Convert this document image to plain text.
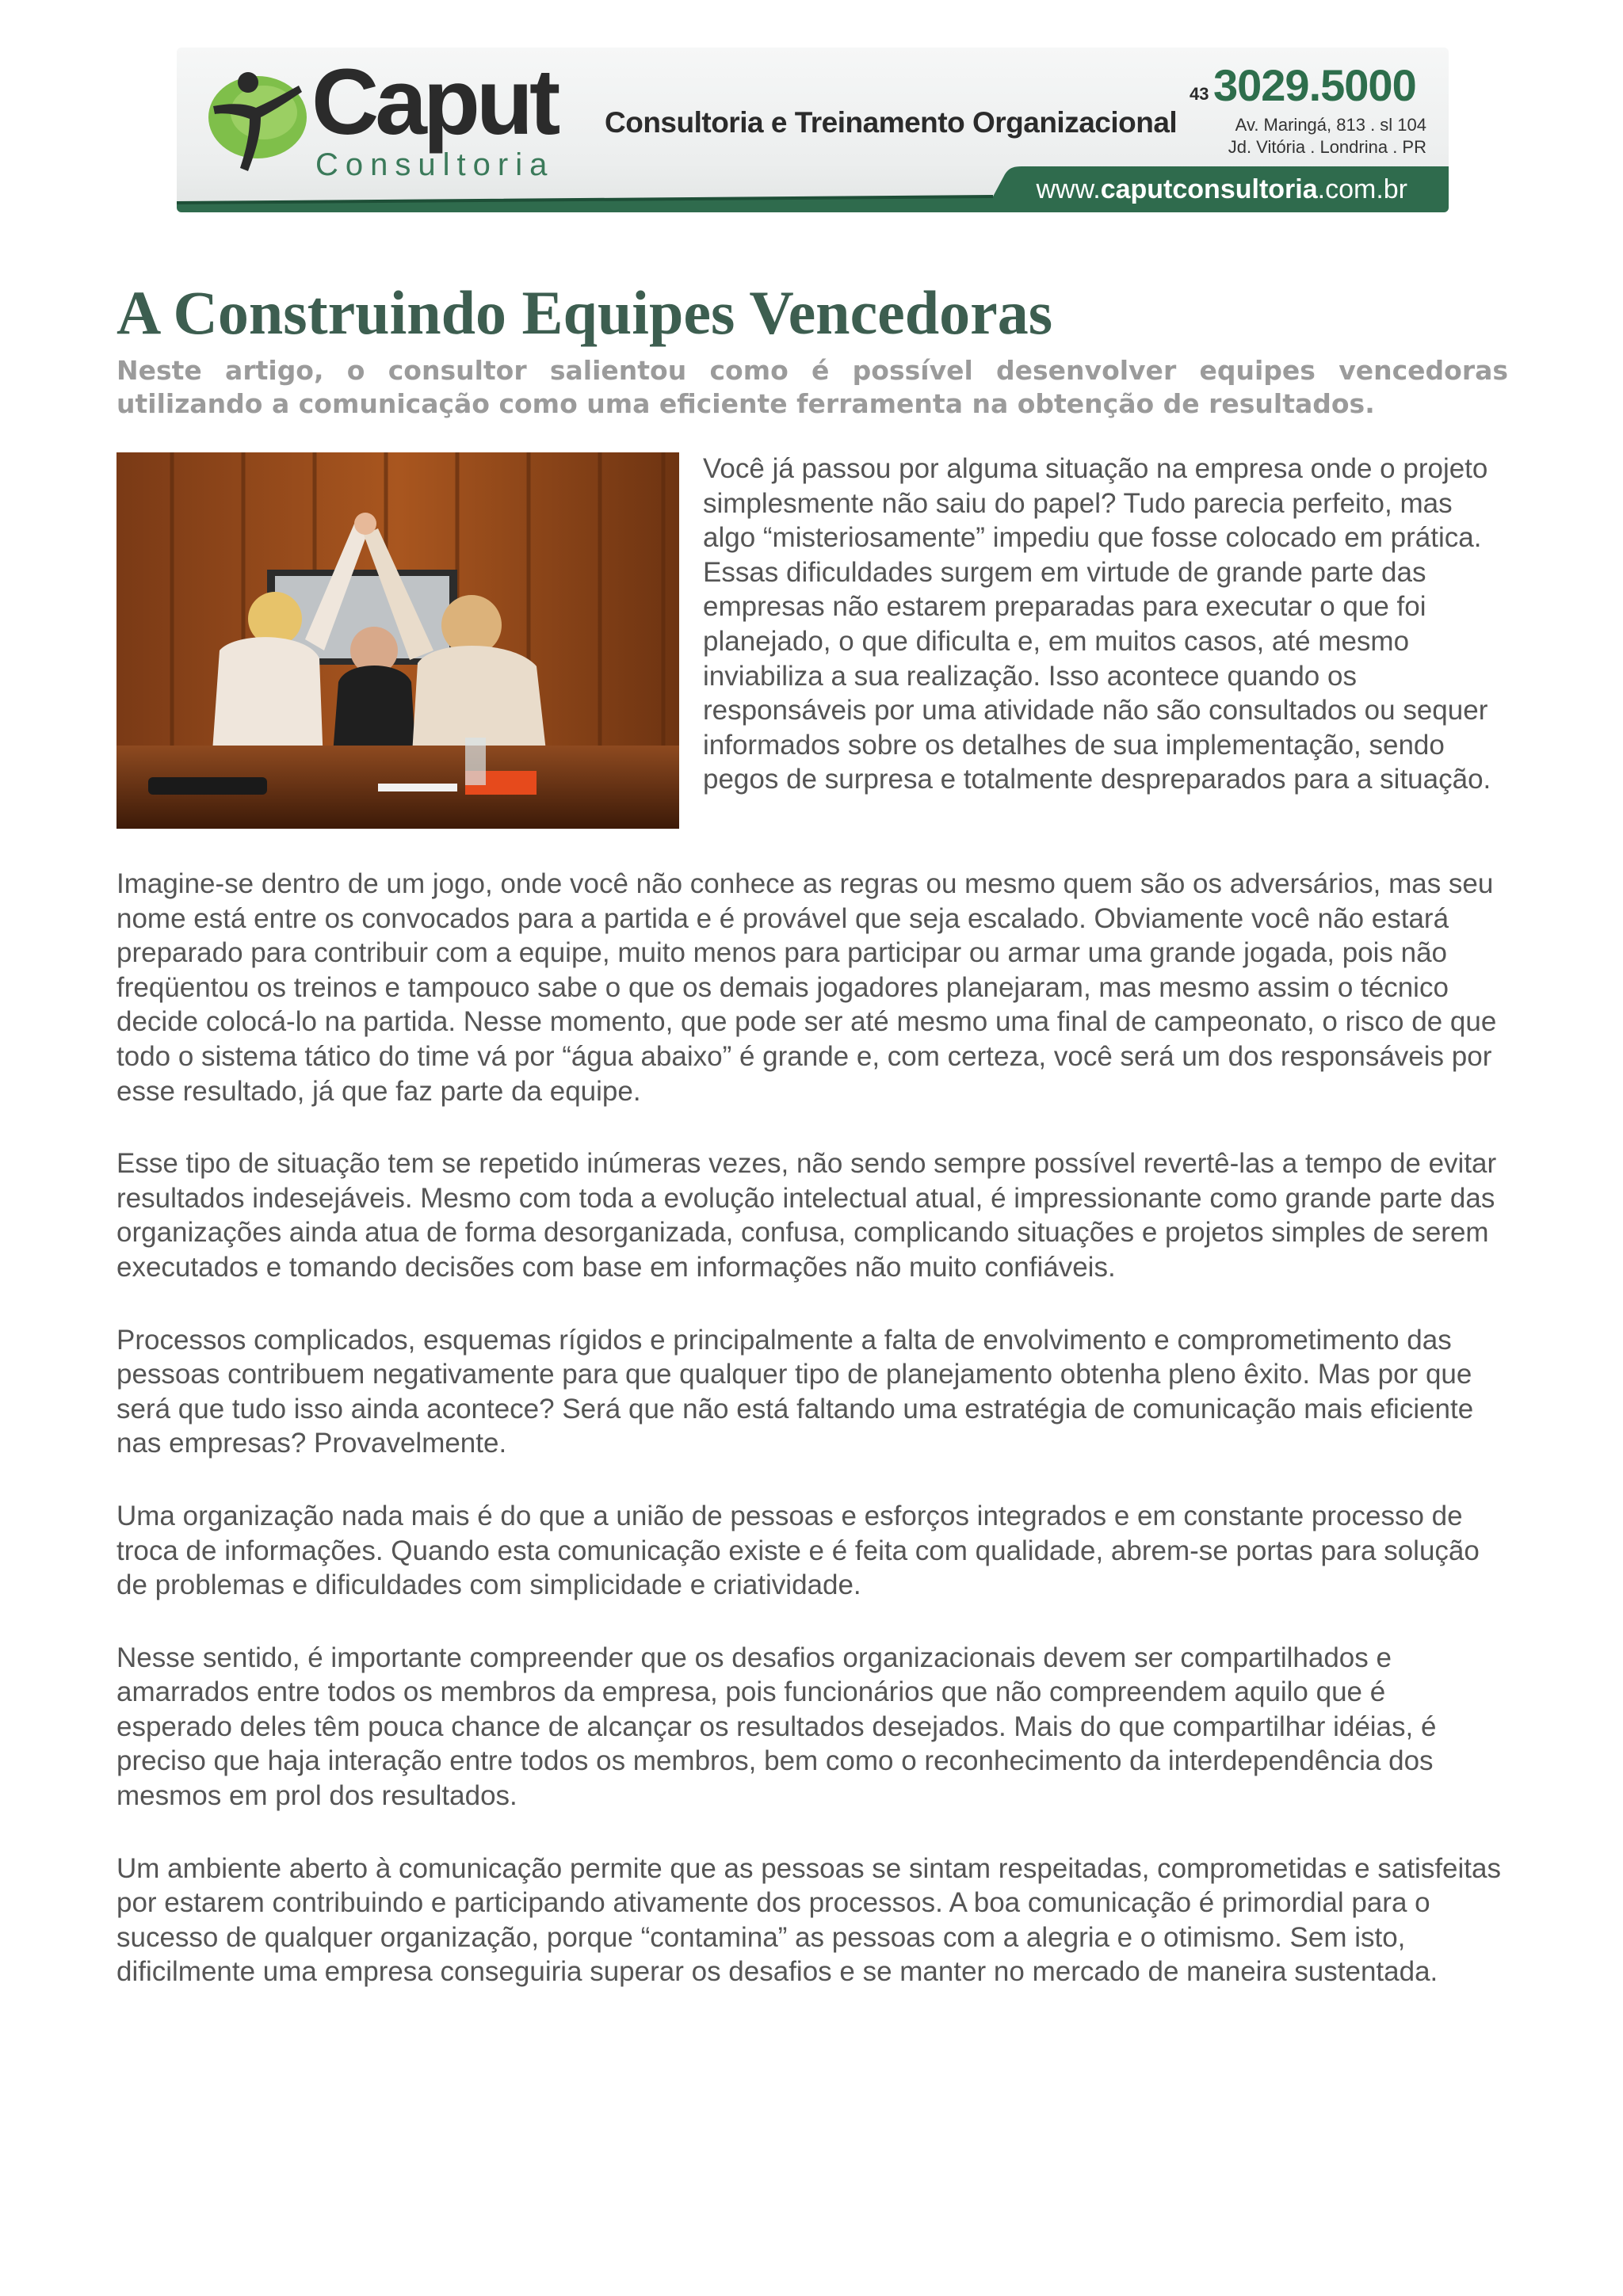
Caput
Consultoria
Consultoria e Treinamento Organizacional
43 3029.5000
Av. Maringá, 813 . sl 104
Jd. Vitória . Londrina . PR
www.caputconsultoria.com.br
A Construindo Equipes Vencedoras

Neste artigo, o consultor salientou como é possível desenvolver equipes vencedoras utilizando a comunicação como uma eficiente ferramenta na obtenção de resultados.

Você já passou por alguma situação na empresa onde o projeto simplesmente não saiu do papel? Tudo parecia perfeito, mas algo “misteriosamente” impediu que fosse colocado em prática. Essas dificuldades surgem em virtude de grande parte das empresas não estarem preparadas para executar o que foi planejado, o que dificulta e, em muitos casos, até mesmo inviabiliza a sua realização. Isso acontece quando os responsáveis por uma atividade não são consultados ou sequer informados sobre os detalhes de sua implementação, sendo pegos de surpresa e totalmente despreparados para a situação.

Imagine-se dentro de um jogo, onde você não conhece as regras ou mesmo quem são os adversários, mas seu nome está entre os convocados para a partida e é provável que seja escalado. Obviamente você não estará preparado para contribuir com a equipe, muito menos para participar ou armar uma grande jogada, pois não freqüentou os treinos e tampouco sabe o que os demais jogadores planejaram, mas mesmo assim o técnico decide colocá-lo na partida. Nesse momento, que pode ser até mesmo uma final de campeonato, o risco de que todo o sistema tático do time vá por “água abaixo” é grande e, com certeza, você será um dos responsáveis por esse resultado, já que faz parte da equipe.

Esse tipo de situação tem se repetido inúmeras vezes, não sendo sempre possível revertê-las a tempo de evitar resultados indesejáveis. Mesmo com toda a evolução intelectual atual, é impressionante como grande parte das organizações ainda atua de forma desorganizada, confusa, complicando situações e projetos simples de serem executados e tomando decisões com base em informações não muito confiáveis.

Processos complicados, esquemas rígidos e principalmente a falta de envolvimento e comprometimento das pessoas contribuem negativamente para que qualquer tipo de planejamento obtenha pleno êxito. Mas por que será que tudo isso ainda acontece? Será que não está faltando uma estratégia de comunicação mais eficiente nas empresas? Provavelmente.

Uma organização nada mais é do que a união de pessoas e esforços integrados e em constante processo de troca de informações. Quando esta comunicação existe e é feita com qualidade, abrem-se portas para solução de problemas e dificuldades com simplicidade e criatividade.

Nesse sentido, é importante compreender que os desafios organizacionais devem ser compartilhados e amarrados entre todos os membros da empresa, pois funcionários que não compreendem aquilo que é esperado deles têm pouca chance de alcançar os resultados desejados. Mais do que compartilhar idéias, é preciso que haja interação entre todos os membros, bem como o reconhecimento da interdependência dos mesmos em prol dos resultados.

Um ambiente aberto à comunicação permite que as pessoas se sintam respeitadas, comprometidas e satisfeitas por estarem contribuindo e participando ativamente dos processos. A boa comunicação é primordial para o sucesso de qualquer organização, porque “contamina” as pessoas com a alegria e o otimismo. Sem isto, dificilmente uma empresa conseguiria superar os desafios e se manter no mercado de maneira sustentada.
